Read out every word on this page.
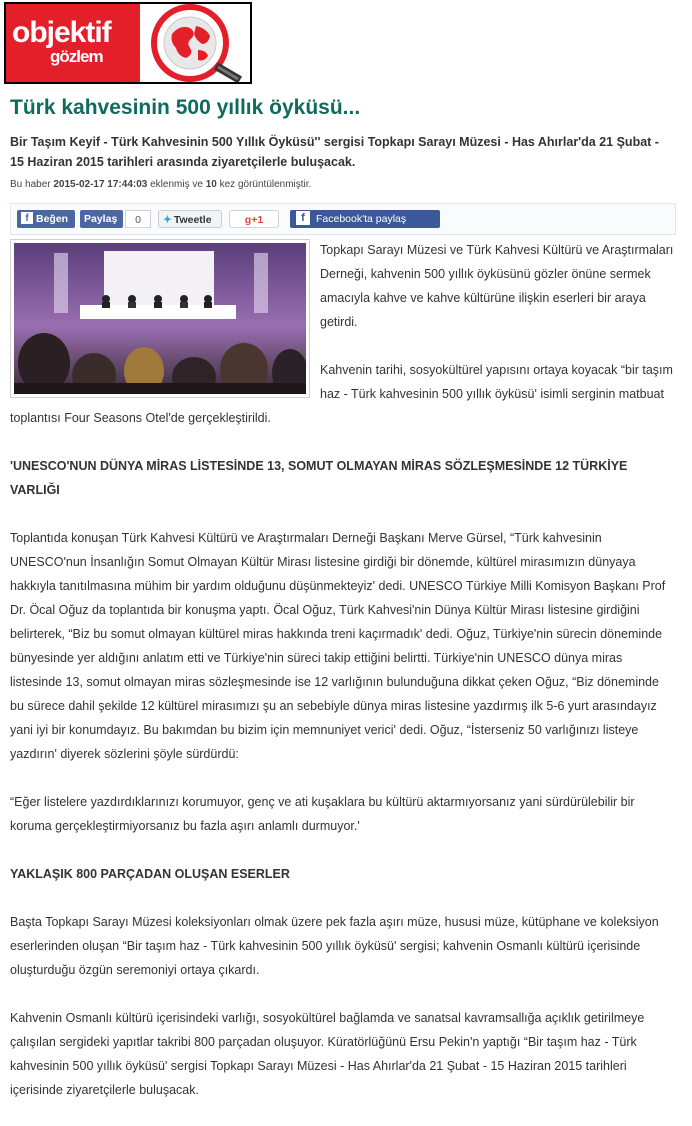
objektif
gözlem
Türk kahvesinin 500 yıllık öyküsü...

Bir Taşım Keyif - Türk Kahvesinin 500 Yıllık Öyküsü'' sergisi Topkapı Sarayı Müzesi - Has Ahırlar'da 21 Şubat - 15 Haziran 2015 tarihleri arasında ziyaretçilerle buluşacak.

Bu haber 2015-02-17 17:44:03 eklenmiş ve 10 kez görüntülenmiştir.
f Beğen	Paylaş	0	✦ Tweetle	g+1	f Facebook'ta paylaş

Topkapı Sarayı Müzesi ve Türk Kahvesi Kültürü ve Araştırmaları Derneği, kahvenin 500 yıllık öyküsünü gözler önüne sermek amacıyla kahve ve kahve kültürüne ilişkin eserleri bir araya getirdi.

Kahvenin tarihi, sosyokültürel yapısını ortaya koyacak “bir taşım haz - Türk kahvesinin 500 yıllık öyküsü' isimli serginin matbuat toplantısı Four Seasons Otel'de gerçekleştirildi.

'UNESCO'NUN DÜNYA MİRAS LİSTESİNDE 13, SOMUT OLMAYAN MİRAS SÖZLEŞMESİNDE 12 TÜRKİYE VARLIĞI

Toplantıda konuşan Türk Kahvesi Kültürü ve Araştırmaları Derneği Başkanı Merve Gürsel, “Türk kahvesinin UNESCO'nun İnsanlığın Somut Olmayan Kültür Mirası listesine girdiği bir dönemde, kültürel mirasımızın dünyaya hakkıyla tanıtılmasına mühim bir yardım olduğunu düşünmekteyiz' dedi. UNESCO Türkiye Milli Komisyon Başkanı Prof Dr. Öcal Oğuz da toplantıda bir konuşma yaptı. Öcal Oğuz, Türk Kahvesi'nin Dünya Kültür Mirası listesine girdiğini belirterek, “Biz bu somut olmayan kültürel miras hakkında treni kaçırmadık' dedi. Oğuz, Türkiye'nin sürecin döneminde bünyesinde yer aldığını anlatım etti ve Türkiye'nin süreci takip ettiğini belirtti. Türkiye'nin UNESCO dünya miras listesinde 13, somut olmayan miras sözleşmesinde ise 12 varlığının bulunduğuna dikkat çeken Oğuz, “Biz döneminde bu sürece dahil şekilde 12 kültürel mirasımızı şu an sebebiyle dünya miras listesine yazdırmış ilk 5-6 yurt arasındayız yani iyi bir konumdayız. Bu bakımdan bu bizim için memnuniyet verici' dedi. Oğuz, “İsterseniz 50 varlığınızı listeye yazdırın' diyerek sözlerini şöyle sürdürdü:

“Eğer listelere yazdırdıklarınızı korumuyor, genç ve ati kuşaklara bu kültürü aktarmıyorsanız yani sürdürülebilir bir koruma gerçekleştirmiyorsanız bu fazla aşırı anlamlı durmuyor.'

YAKLAŞIK 800 PARÇADAN OLUŞAN ESERLER

Başta Topkapı Sarayı Müzesi koleksiyonları olmak üzere pek fazla aşırı müze, hususi müze, kütüphane ve koleksiyon eserlerinden oluşan “Bir taşım haz - Türk kahvesinin 500 yıllık öyküsü' sergisi; kahvenin Osmanlı kültürü içerisinde oluşturduğu özgün seremoniyi ortaya çıkardı.

Kahvenin Osmanlı kültürü içerisindeki varlığı, sosyokültürel bağlamda ve sanatsal kavramsallığa açıklık getirilmeye çalışılan sergideki yapıtlar takribi 800 parçadan oluşuyor. Küratörlüğünü Ersu Pekin'n yaptığı “Bir taşım haz - Türk kahvesinin 500 yıllık öyküsü' sergisi Topkapı Sarayı Müzesi - Has Ahırlar'da 21 Şubat - 15 Haziran 2015 tarihleri içerisinde ziyaretçilerle buluşacak.
